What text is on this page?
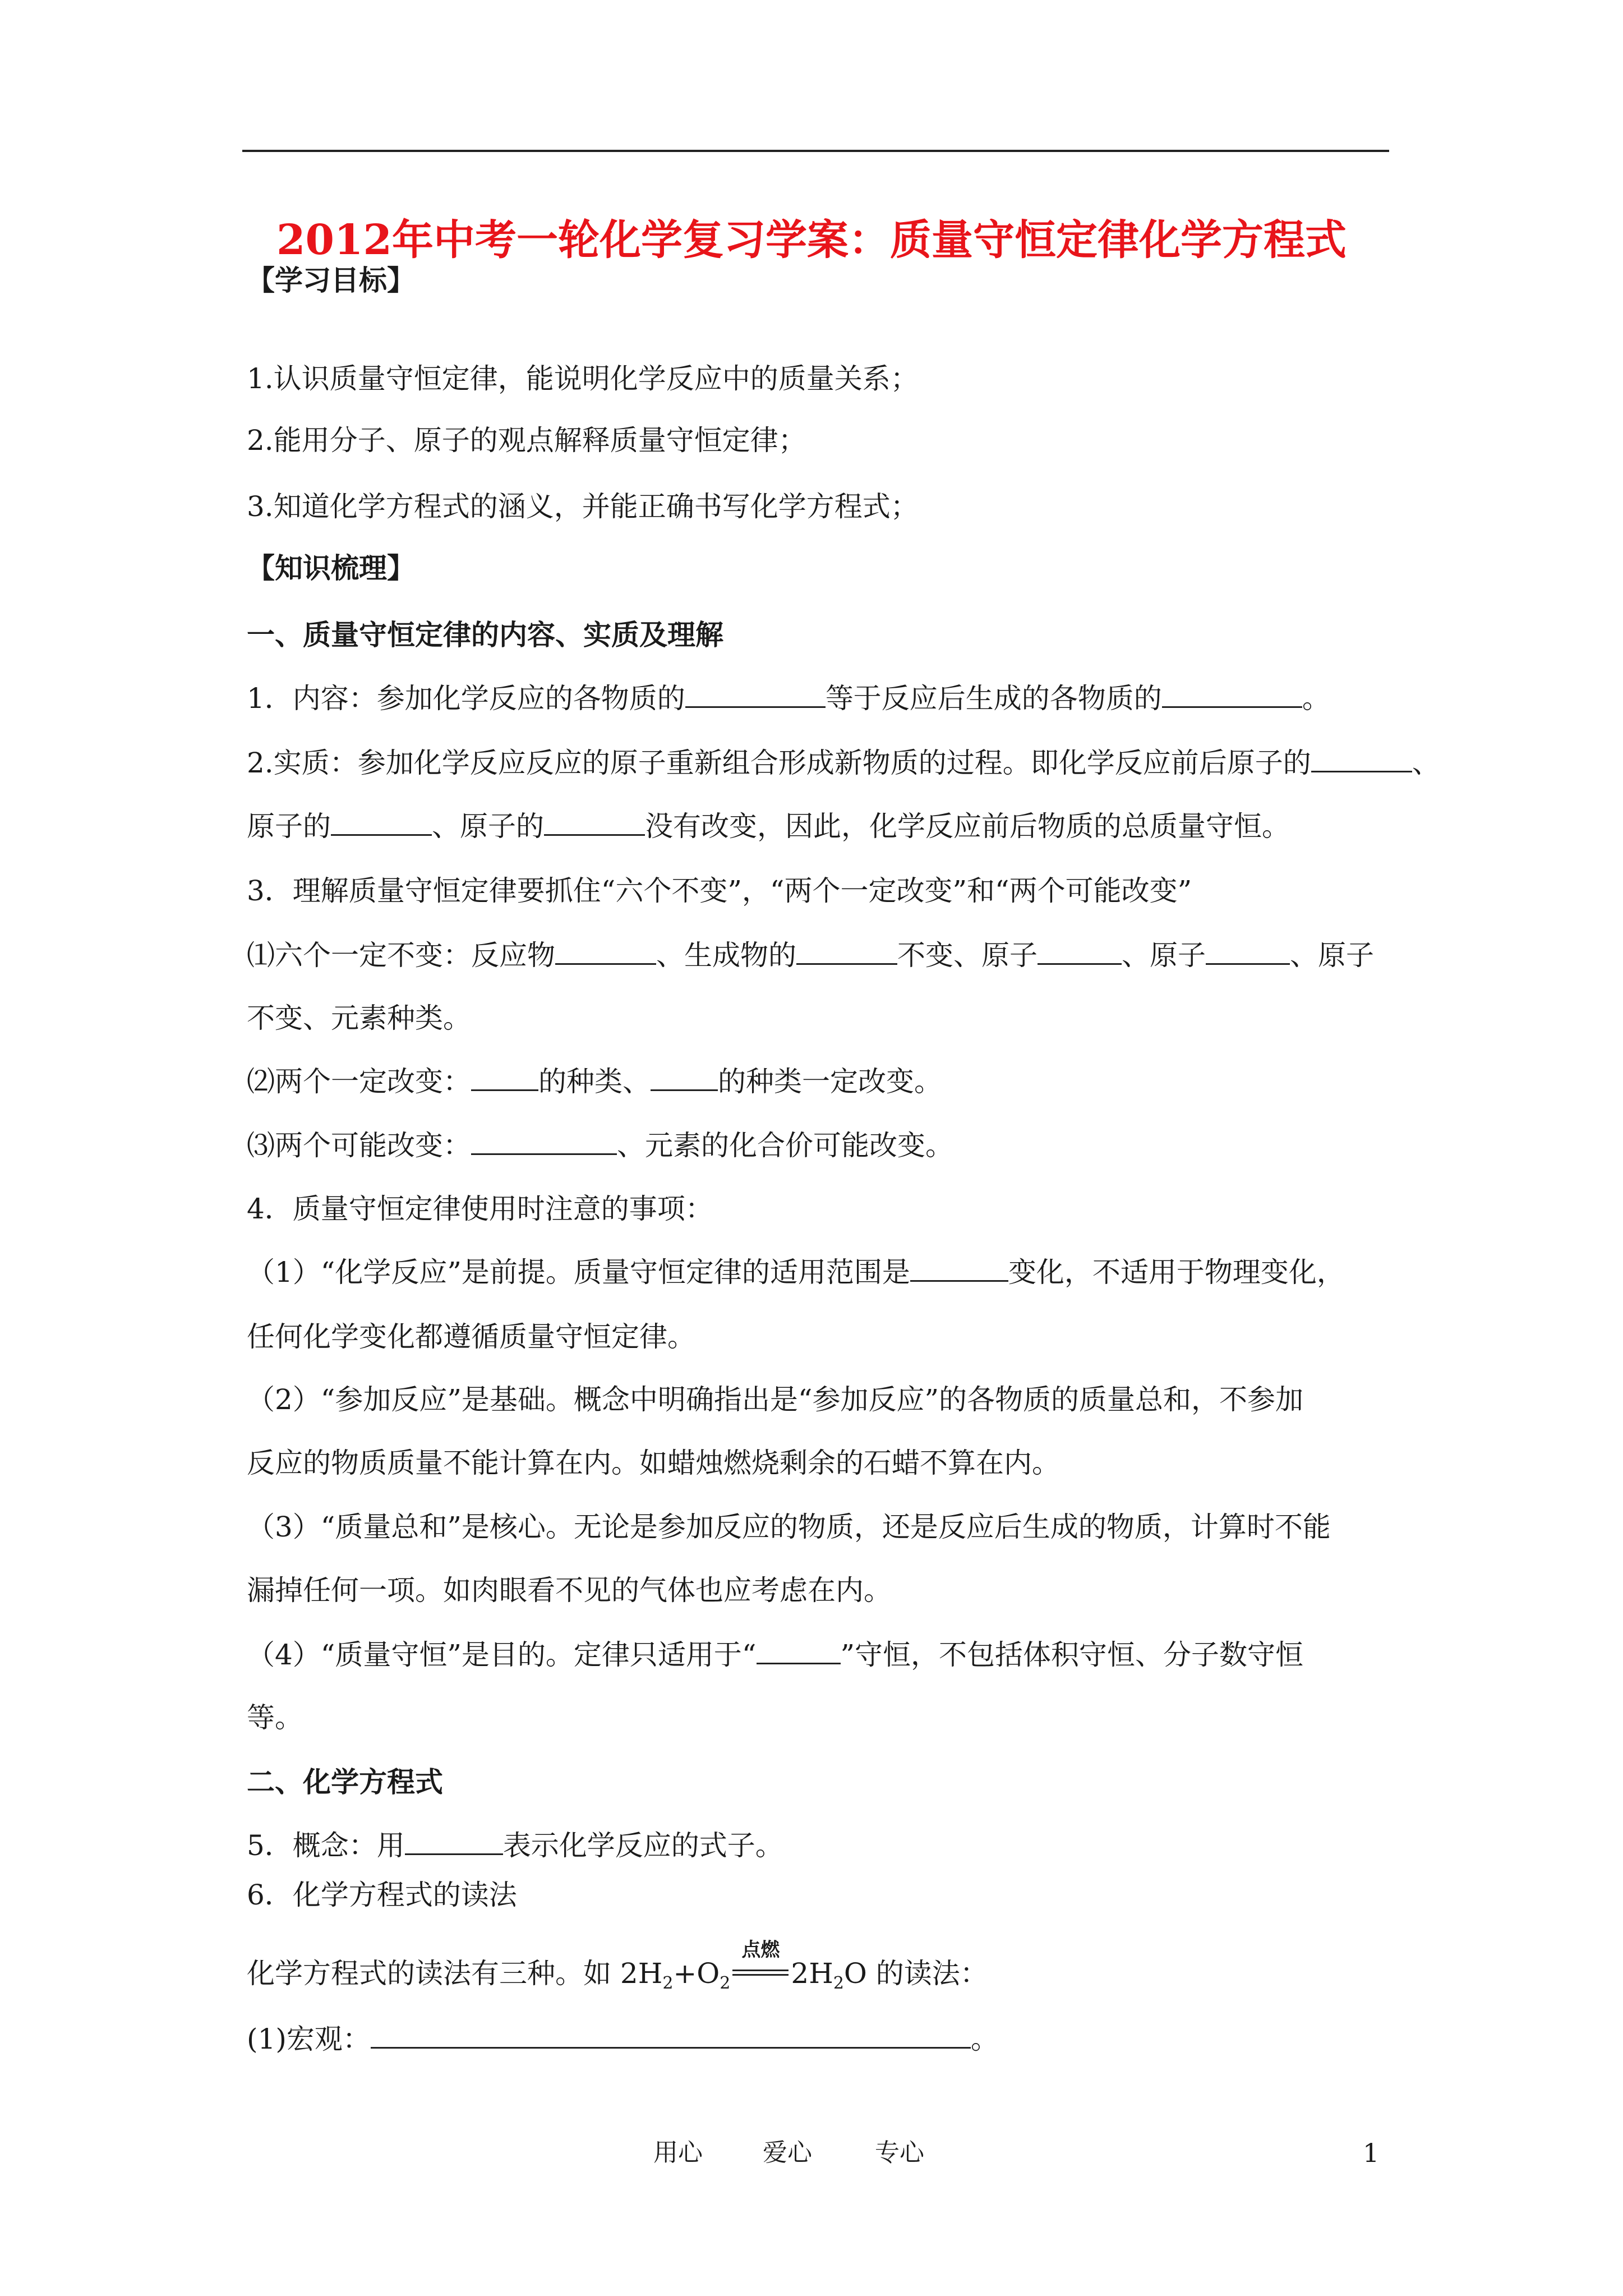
2012年中考一轮化学复习学案：质量守恒定律化学方程式
【学习目标】
1.认识质量守恒定律，能说明化学反应中的质量关系；
2.能用分子、原子的观点解释质量守恒定律；
3.知道化学方程式的涵义，并能正确书写化学方程式；
【知识梳理】
一、质量守恒定律的内容、实质及理解
1．内容：参加化学反应的各物质的	等于反应后生成的各物质的	。
2.实质：参加化学反应反应的原子重新组合形成新物质的过程。即化学反应前后原子的	、
原子的	、原子的	没有改变，因此，化学反应前后物质的总质量守恒。
3．理解质量守恒定律要抓住“六个不变”，“两个一定改变”和“两个可能改变”
⑴六个一定不变：反应物	、生成物的	不变、原子	、原子	、原子
不变、元素种类。
⑵两个一定改变： 的种类、 的种类一定改变。
⑶两个可能改变：	、元素的化合价可能改变。
4．质量守恒定律使用时注意的事项：
（1）“化学反应”是前提。质量守恒定律的适用范围是	变化，不适用于物理变化，
任何化学变化都遵循质量守恒定律。
（2）“参加反应”是基础。概念中明确指出是“参加反应”的各物质的质量总和，不参加
反应的物质质量不能计算在内。如蜡烛燃烧剩余的石蜡不算在内。
（3）“质量总和”是核心。无论是参加反应的物质，还是反应后生成的物质，计算时不能
漏掉任何一项。如肉眼看不见的气体也应考虑在内。
（4）“质量守恒”是目的。定律只适用于“	”守恒，不包括体积守恒、分子数守恒
等。
二、化学方程式
5．概念：用	表示化学反应的式子。
6．化学方程式的读法
化学方程式的读法有三种。如 $2H_2+O_2$
点燃
$2H_2O$ 的读法：
(1)宏观：	。
用心 爱心	专心	1
